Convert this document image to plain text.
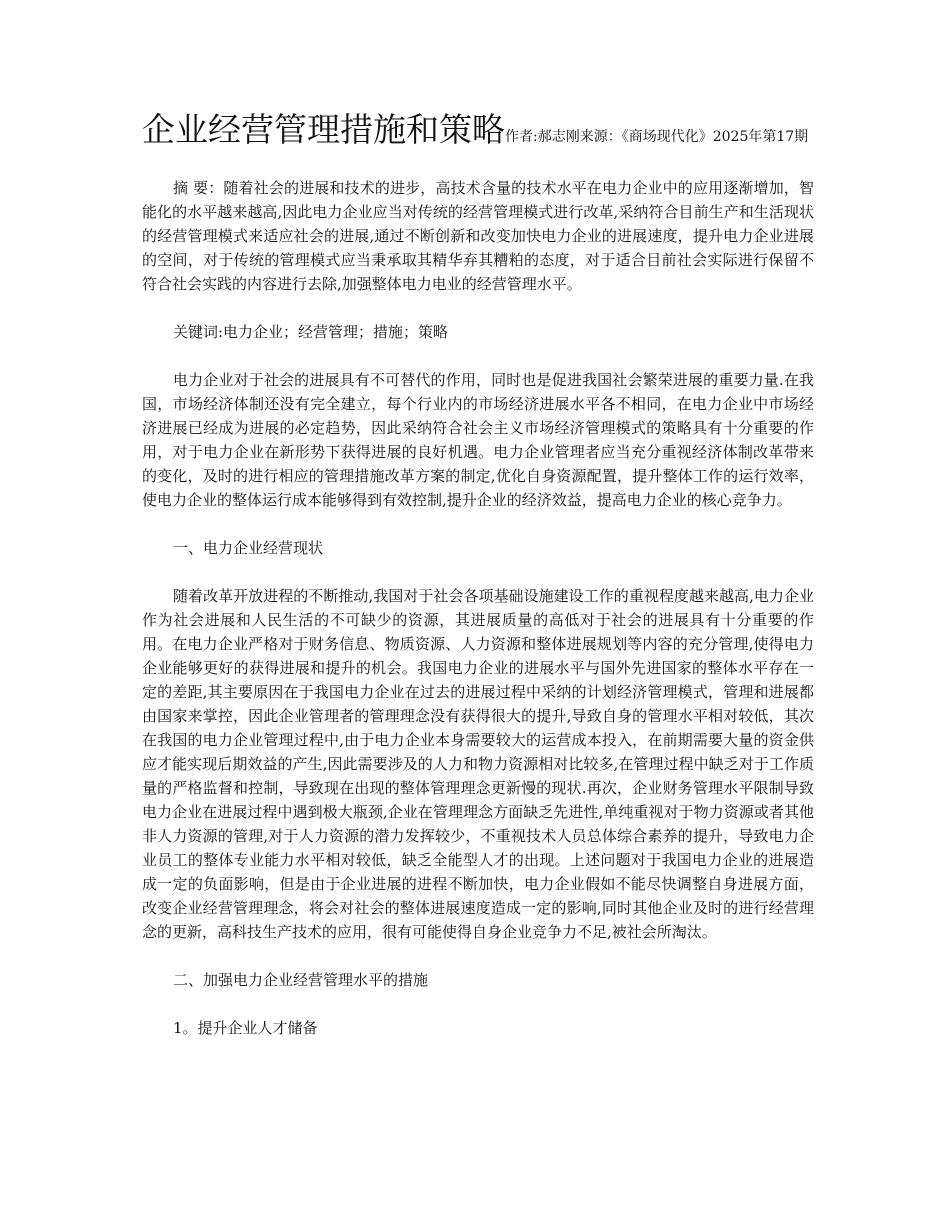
企业经营管理措施和策略作者:郝志刚来源：《商场现代化》2025年第17期

摘 要：随着社会的进展和技术的进步，高技术含量的技术水平在电力企业中的应用逐渐增加，智能化的水平越来越高,因此电力企业应当对传统的经营管理模式进行改革,采纳符合目前生产和生活现状的经营管理模式来适应社会的进展,通过不断创新和改变加快电力企业的进展速度，提升电力企业进展的空间，对于传统的管理模式应当秉承取其精华弃其糟粕的态度，对于适合目前社会实际进行保留不符合社会实践的内容进行去除,加强整体电力电业的经营管理水平。

关键词:电力企业；经营管理；措施；策略

电力企业对于社会的进展具有不可替代的作用，同时也是促进我国社会繁荣进展的重要力量.在我国，市场经济体制还没有完全建立，每个行业内的市场经济进展水平各不相同，在电力企业中市场经济进展已经成为进展的必定趋势，因此采纳符合社会主义市场经济管理模式的策略具有十分重要的作用，对于电力企业在新形势下获得进展的良好机遇。电力企业管理者应当充分重视经济体制改革带来的变化，及时的进行相应的管理措施改革方案的制定,优化自身资源配置，提升整体工作的运行效率，使电力企业的整体运行成本能够得到有效控制,提升企业的经济效益，提高电力企业的核心竞争力。

一、电力企业经营现状

随着改革开放进程的不断推动,我国对于社会各项基础设施建设工作的重视程度越来越高,电力企业作为社会进展和人民生活的不可缺少的资源，其进展质量的高低对于社会的进展具有十分重要的作用。在电力企业严格对于财务信息、物质资源、人力资源和整体进展规划等内容的充分管理,使得电力企业能够更好的获得进展和提升的机会。我国电力企业的进展水平与国外先进国家的整体水平存在一定的差距,其主要原因在于我国电力企业在过去的进展过程中采纳的计划经济管理模式，管理和进展都由国家来掌控，因此企业管理者的管理理念没有获得很大的提升,导致自身的管理水平相对较低，其次在我国的电力企业管理过程中,由于电力企业本身需要较大的运营成本投入，在前期需要大量的资金供应才能实现后期效益的产生,因此需要涉及的人力和物力资源相对比较多,在管理过程中缺乏对于工作质量的严格监督和控制，导致现在出现的整体管理理念更新慢的现状.再次，企业财务管理水平限制导致电力企业在进展过程中遇到极大瓶颈,企业在管理理念方面缺乏先进性,单纯重视对于物力资源或者其他非人力资源的管理,对于人力资源的潜力发挥较少，不重视技术人员总体综合素养的提升，导致电力企业员工的整体专业能力水平相对较低，缺乏全能型人才的出现。上述问题对于我国电力企业的进展造成一定的负面影响，但是由于企业进展的进程不断加快，电力企业假如不能尽快调整自身进展方面，改变企业经营管理理念，将会对社会的整体进展速度造成一定的影响,同时其他企业及时的进行经营理念的更新，高科技生产技术的应用，很有可能使得自身企业竞争力不足,被社会所淘汰。

二、加强电力企业经营管理水平的措施

1。提升企业人才储备
